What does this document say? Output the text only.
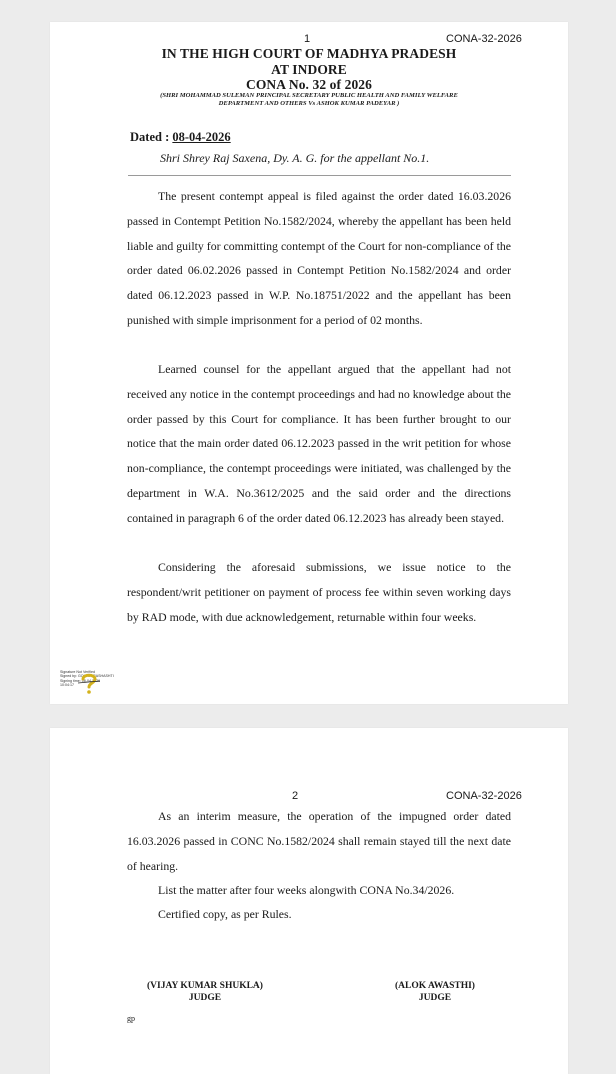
1	CONA-32-2026
IN THE HIGH COURT OF MADHYA PRADESH
AT INDORE
CONA No. 32 of 2026
(SHRI MOHAMMAD SULEMAN PRINCIPAL SECRETARY PUBLIC HEALTH AND FAMILY WELFARE
DEPARTMENT AND OTHERS Vs ASHOK KUMAR PADEYAR )
Dated : 08-04-2026
Shri Shrey Raj Saxena, Dy. A. G. for the appellant No.1.
The present contempt appeal is filed against the order dated 16.03.2026 passed in Contempt Petition No.1582/2024, whereby the appellant has been held liable and guilty for committing contempt of the Court for non-compliance of the order dated 06.02.2026 passed in Contempt Petition No.1582/2024 and order dated 06.12.2023 passed in W.P. No.18751/2022 and the appellant has been punished with simple imprisonment for a period of 02 months.
Learned counsel for the appellant argued that the appellant had not received any notice in the contempt proceedings and had no knowledge about the order passed by this Court for compliance. It has been further brought to our notice that the main order dated 06.12.2023 passed in the writ petition for whose non-compliance, the contempt proceedings were initiated, was challenged by the department in W.A. No.3612/2025 and the said order and the directions contained in paragraph 6 of the order dated 06.12.2023 has already been stayed.
Considering the aforesaid submissions, we issue notice to the respondent/writ petitioner on payment of process fee within seven working days by RAD mode, with due acknowledgement, returnable within four weeks.
Signature Not Verified
Signed by: GOURI PRASHASHTI
Signing time: 08-04-2026
10:04:17
2	CONA-32-2026
As an interim measure, the operation of the impugned order dated 16.03.2026 passed in CONC No.1582/2024 shall remain stayed till the next date of hearing.
List the matter after four weeks alongwith CONA No.34/2026.
Certified copy, as per Rules.
(VIJAY KUMAR SHUKLA)
JUDGE
(ALOK AWASTHI)
JUDGE
gp
